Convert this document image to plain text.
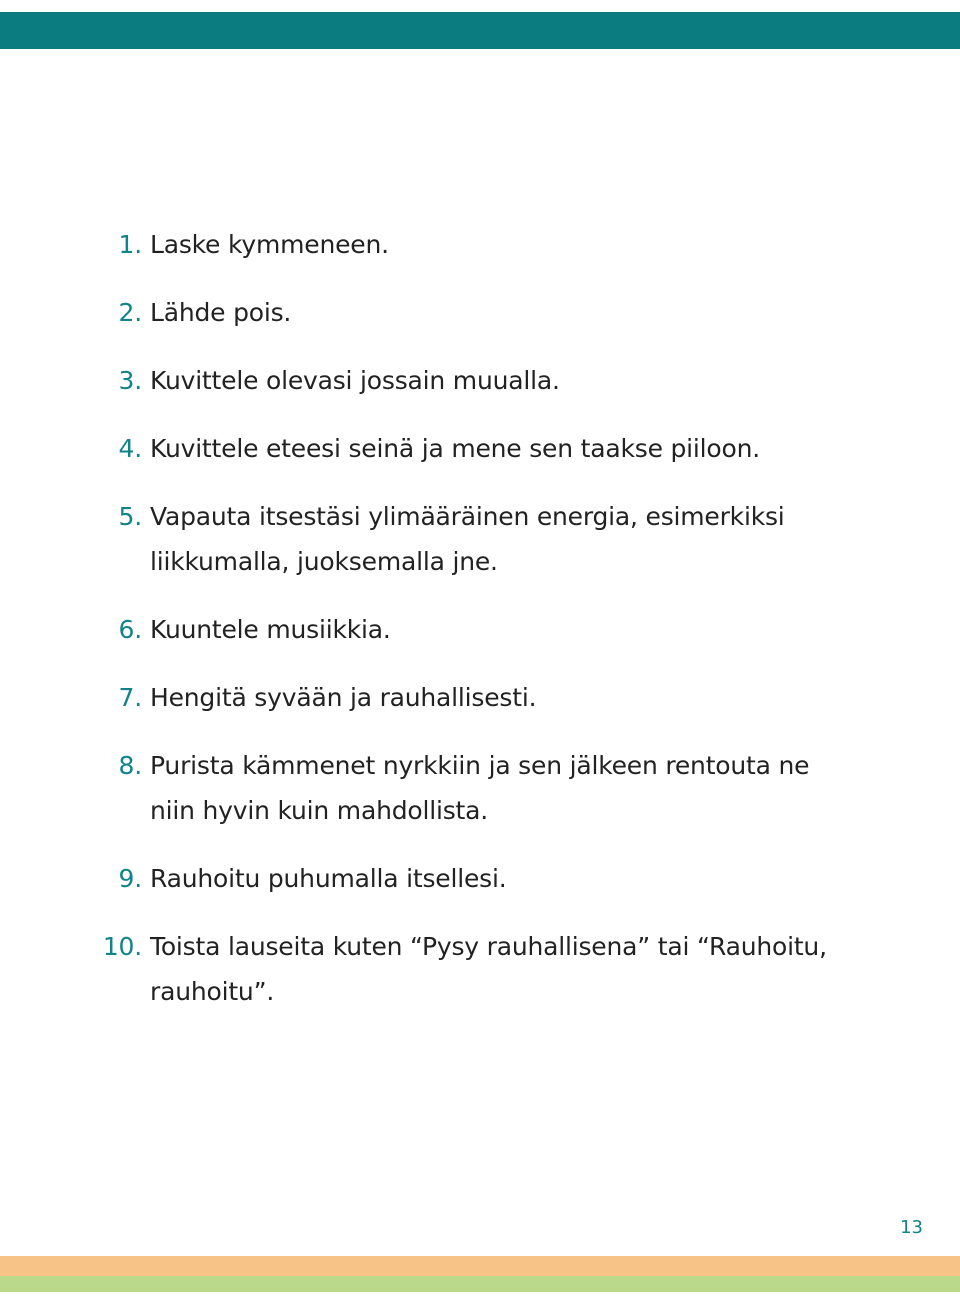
1. Laske kymmeneen.
2. Lähde pois.
3. Kuvittele olevasi jossain muualla.
4. Kuvittele eteesi seinä ja mene sen taakse piiloon.
5. Vapauta itsestäsi ylimääräinen energia, esimerkiksi liikkumalla, juoksemalla jne.
6. Kuuntele musiikkia.
7. Hengitä syvään ja rauhallisesti.
8. Purista kämmenet nyrkkiin ja sen jälkeen rentouta ne niin hyvin kuin mahdollista.
9. Rauhoitu puhumalla itsellesi.
10. Toista lauseita kuten “Pysy rauhallisena” tai “Rauhoitu, rauhoitu”.
13
